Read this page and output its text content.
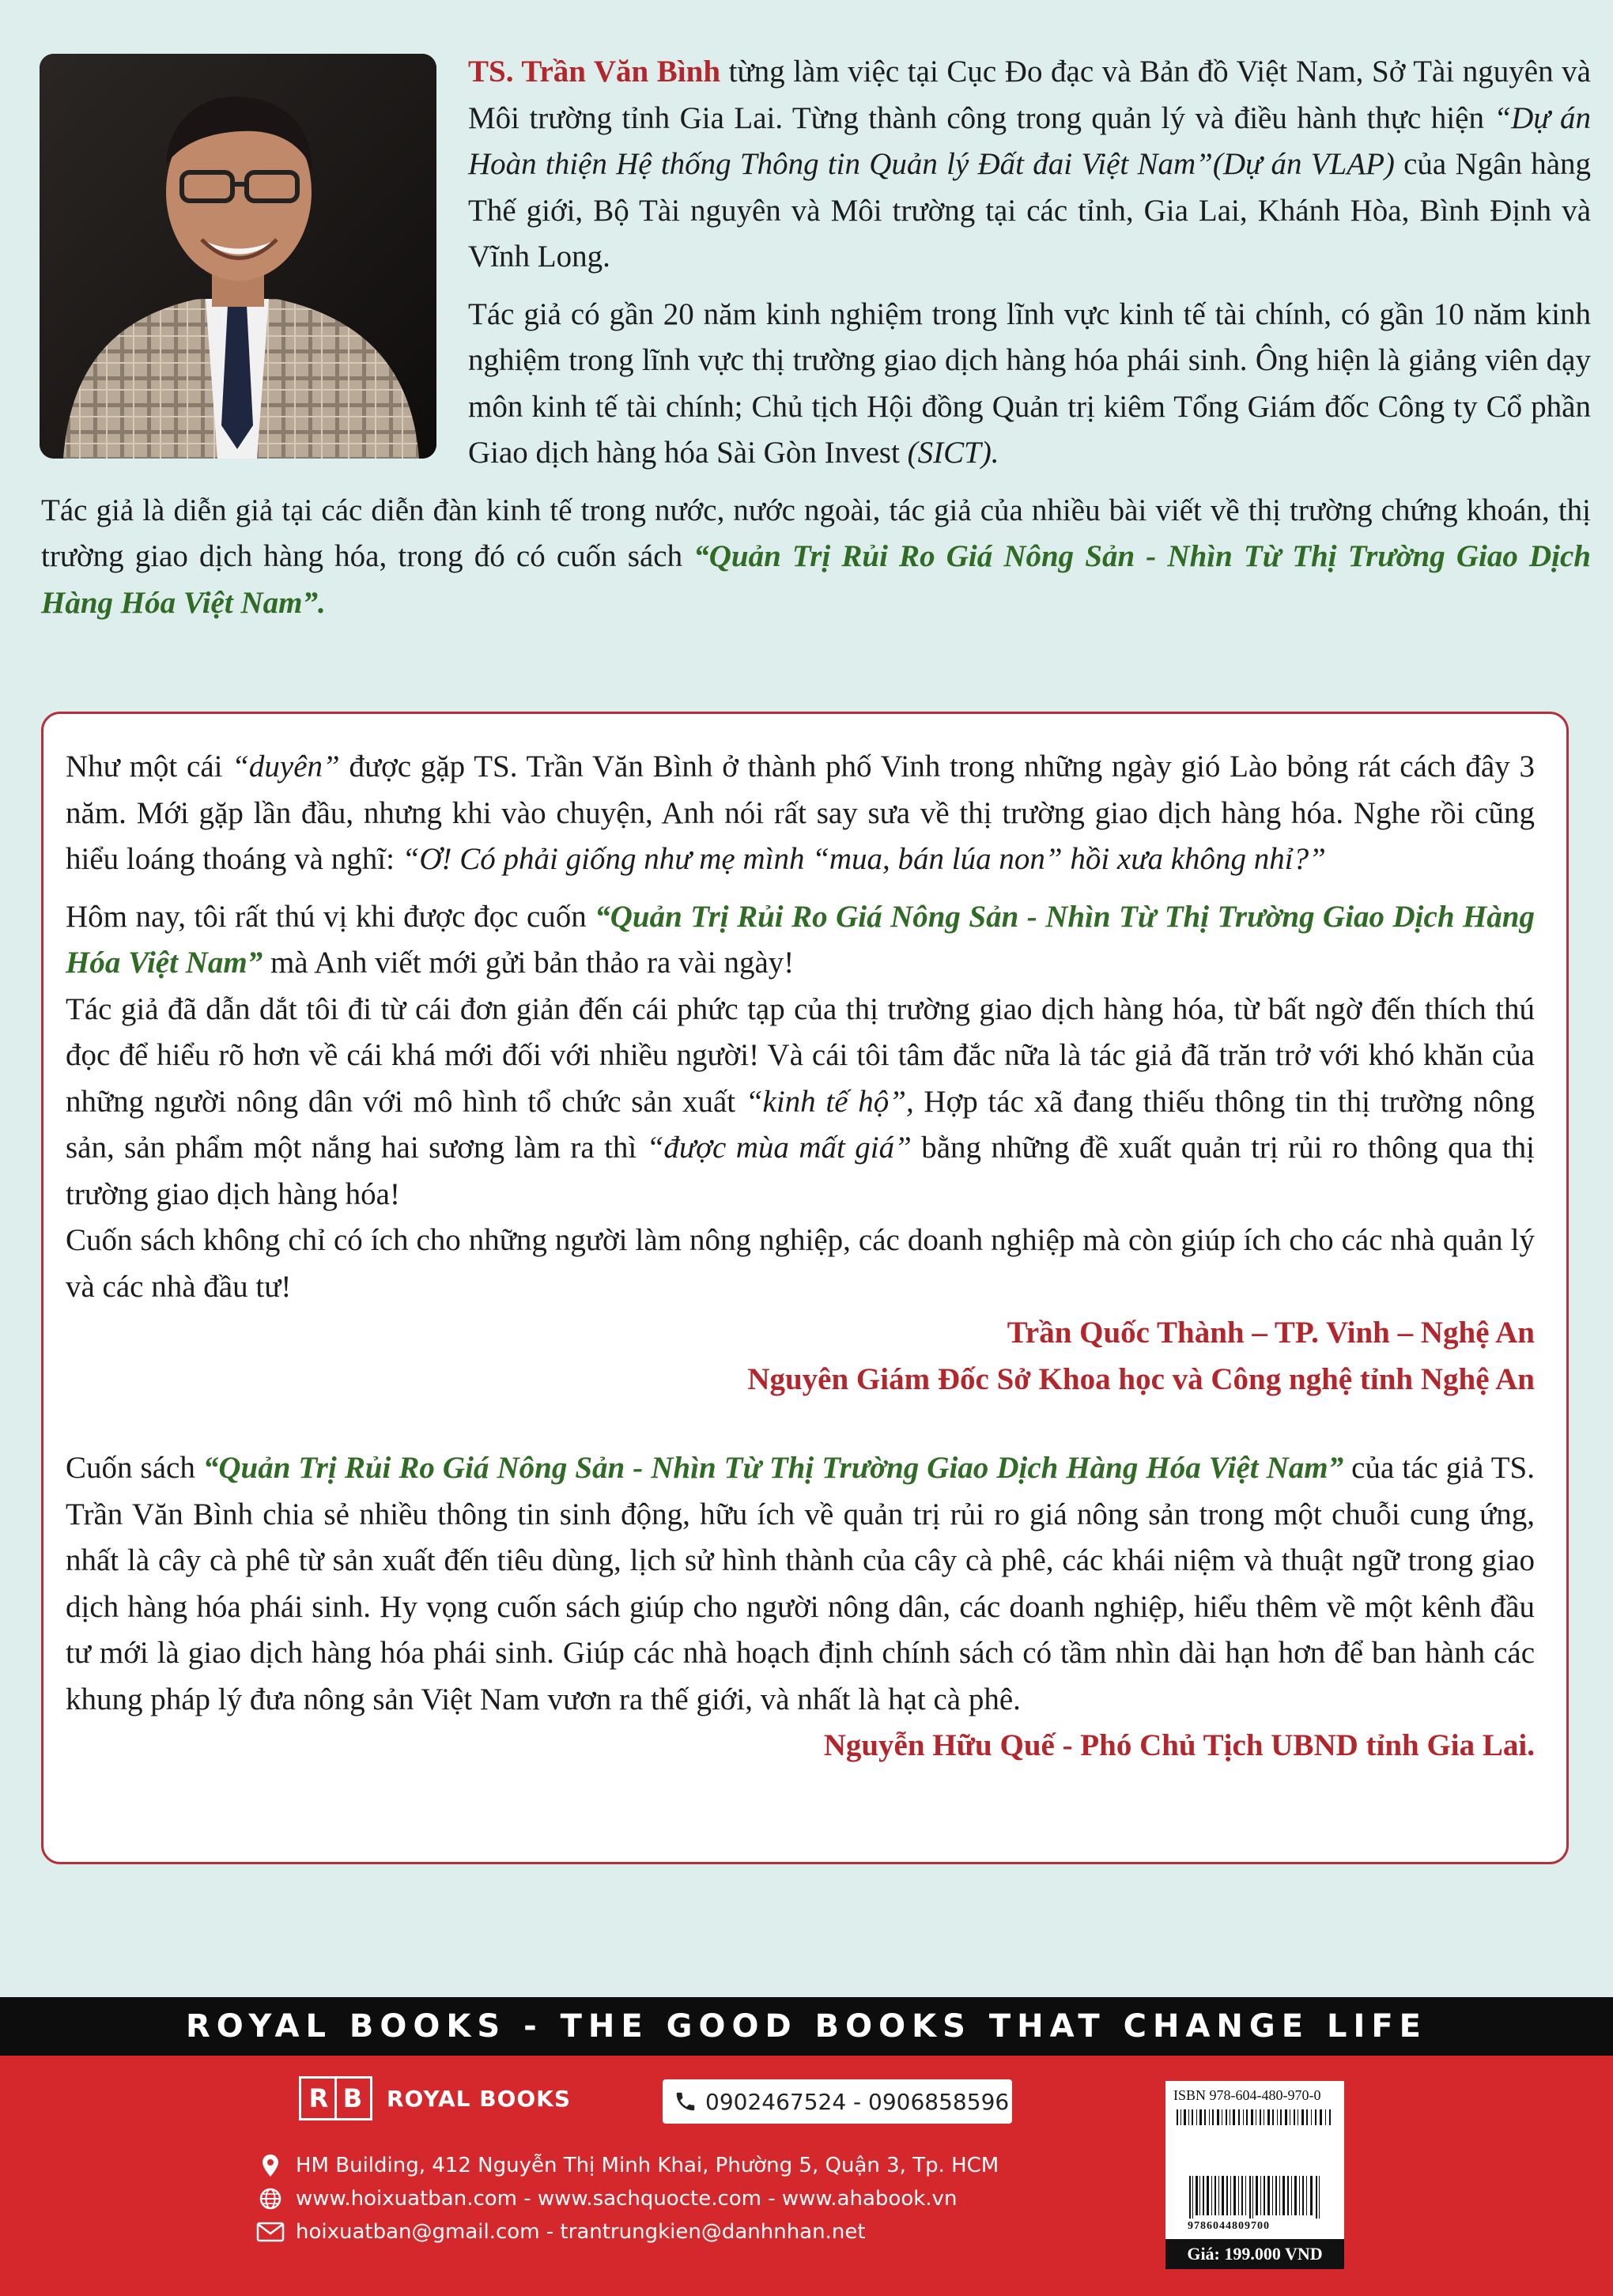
TS. Trần Văn Bình từng làm việc tại Cục Đo đạc và Bản đồ Việt Nam, Sở Tài nguyên và Môi trường tỉnh Gia Lai. Từng thành công trong quản lý và điều hành thực hiện “Dự án Hoàn thiện Hệ thống Thông tin Quản lý Đất đai Việt Nam”(Dự án VLAP) của Ngân hàng Thế giới, Bộ Tài nguyên và Môi trường tại các tỉnh, Gia Lai, Khánh Hòa, Bình Định và Vĩnh Long.

Tác giả có gần 20 năm kinh nghiệm trong lĩnh vực kinh tế tài chính, có gần 10 năm kinh nghiệm trong lĩnh vực thị trường giao dịch hàng hóa phái sinh. Ông hiện là giảng viên dạy môn kinh tế tài chính; Chủ tịch Hội đồng Quản trị kiêm Tổng Giám đốc Công ty Cổ phần Giao dịch hàng hóa Sài Gòn Invest (SICT).

Tác giả là diễn giả tại các diễn đàn kinh tế trong nước, nước ngoài, tác giả của nhiều bài viết về thị trường chứng khoán, thị trường giao dịch hàng hóa, trong đó có cuốn sách “Quản Trị Rủi Ro Giá Nông Sản - Nhìn Từ Thị Trường Giao Dịch Hàng Hóa Việt Nam”.

Như một cái “duyên” được gặp TS. Trần Văn Bình ở thành phố Vinh trong những ngày gió Lào bỏng rát cách đây 3 năm. Mới gặp lần đầu, nhưng khi vào chuyện, Anh nói rất say sưa về thị trường giao dịch hàng hóa. Nghe rồi cũng hiểu loáng thoáng và nghĩ: “Ơ! Có phải giống như mẹ mình “mua, bán lúa non” hồi xưa không nhỉ?”

Hôm nay, tôi rất thú vị khi được đọc cuốn “Quản Trị Rủi Ro Giá Nông Sản - Nhìn Từ Thị Trường Giao Dịch Hàng Hóa Việt Nam” mà Anh viết mới gửi bản thảo ra vài ngày!

Tác giả đã dẫn dắt tôi đi từ cái đơn giản đến cái phức tạp của thị trường giao dịch hàng hóa, từ bất ngờ đến thích thú đọc để hiểu rõ hơn về cái khá mới đối với nhiều người! Và cái tôi tâm đắc nữa là tác giả đã trăn trở với khó khăn của những người nông dân với mô hình tổ chức sản xuất “kinh tế hộ”, Hợp tác xã đang thiếu thông tin thị trường nông sản, sản phẩm một nắng hai sương làm ra thì “được mùa mất giá” bằng những đề xuất quản trị rủi ro thông qua thị trường giao dịch hàng hóa!

Cuốn sách không chỉ có ích cho những người làm nông nghiệp, các doanh nghiệp mà còn giúp ích cho các nhà quản lý và các nhà đầu tư!

Trần Quốc Thành – TP. Vinh – Nghệ An

Nguyên Giám Đốc Sở Khoa học và Công nghệ tỉnh Nghệ An

Cuốn sách “Quản Trị Rủi Ro Giá Nông Sản - Nhìn Từ Thị Trường Giao Dịch Hàng Hóa Việt Nam” của tác giả TS. Trần Văn Bình chia sẻ nhiều thông tin sinh động, hữu ích về quản trị rủi ro giá nông sản trong một chuỗi cung ứng, nhất là cây cà phê từ sản xuất đến tiêu dùng, lịch sử hình thành của cây cà phê, các khái niệm và thuật ngữ trong giao dịch hàng hóa phái sinh. Hy vọng cuốn sách giúp cho người nông dân, các doanh nghiệp, hiểu thêm về một kênh đầu tư mới là giao dịch hàng hóa phái sinh. Giúp các nhà hoạch định chính sách có tầm nhìn dài hạn hơn để ban hành các khung pháp lý đưa nông sản Việt Nam vươn ra thế giới, và nhất là hạt cà phê.

Nguyễn Hữu Quế - Phó Chủ Tịch UBND tỉnh Gia Lai.

ROYAL BOOKS - THE GOOD BOOKS THAT CHANGE LIFE
R B ROYAL BOOKS	0902467524 - 0906858596
HM Building, 412 Nguyễn Thị Minh Khai, Phường 5, Quận 3, Tp. HCM
www.hoixuatban.com - www.sachquocte.com - www.ahabook.vn
hoixuatban@gmail.com - trantrungkien@danhnhan.net
ISBN 978-604-480-970-0
9786044809700
Giá: 199.000 VND
